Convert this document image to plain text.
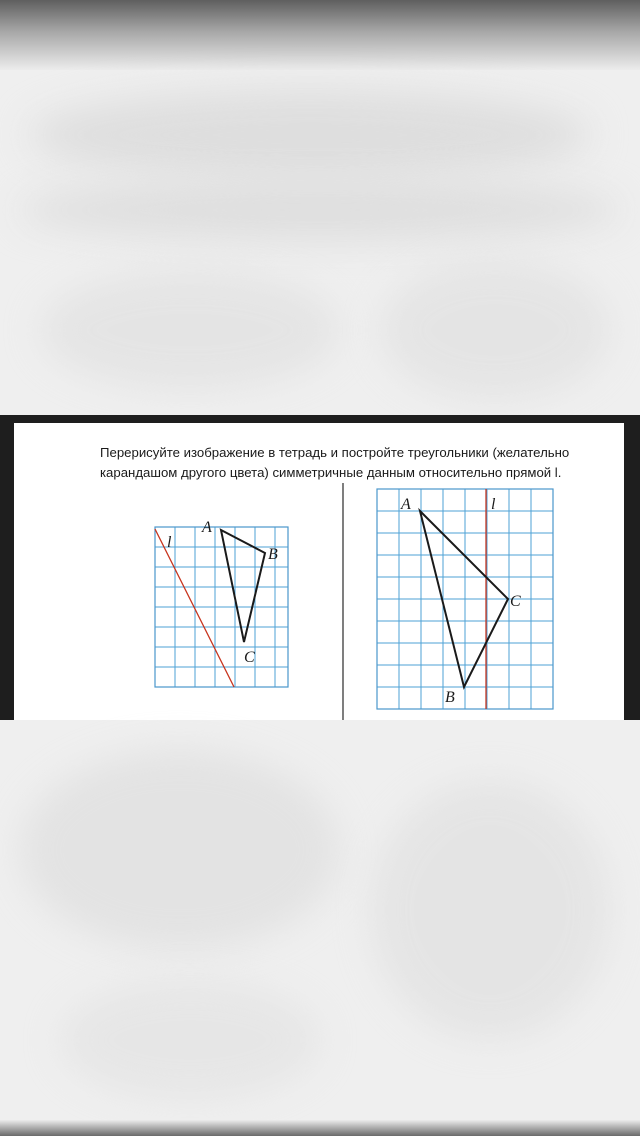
Перерисуйте изображение в тетрадь и постройте треугольники (желательно
карандашом другого цвета) симметричные данным относительно прямой l.

l
A
B
C
l
A
B
C
